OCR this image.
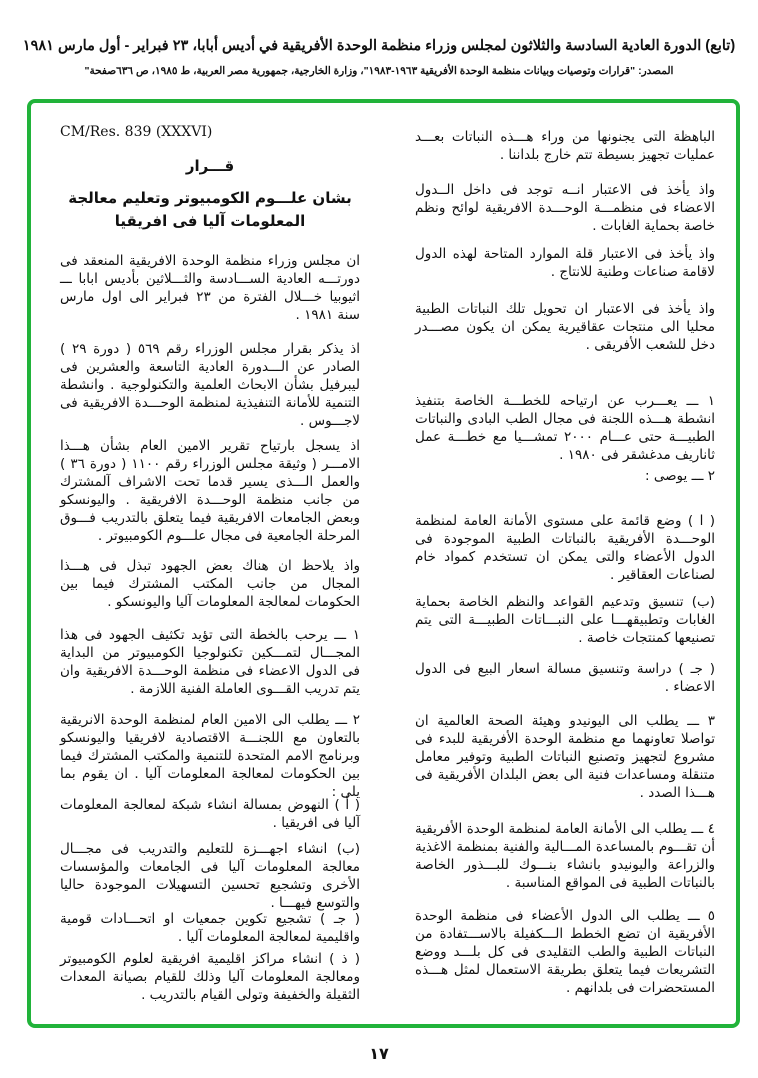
(تابع) الدورة العادية السادسة والثلاثون لمجلس وزراء منظمة الوحدة الأفريقية في أديس أبابا، ٢٣ فبراير - أول مارس ١٩٨١
المصدر: "قرارات وتوصيات وبيانات منظمة الوحدة الأفريقية ١٩٦٣-١٩٨٣"، وزارة الخارجية، جمهورية مصر العربية، ط ١٩٨٥، ص ٦٣٦صفحة"
الباهظة التى يجنونها من وراء هـــذه النباتات بعـــد عمليات تجهيز بسيطة تتم خارج بلداننا .
واذ يأخذ فى الاعتبار انــه توجد فى داخل الــدول الاعضاء فى منظمـــة الوحـــدة الافريقية لوائح ونظم خاصة بحماية الغابات .
واذ يأخذ فى الاعتبار قلة الموارد المتاحة لهذه الدول لاقامة صناعات وطنية للانتاج .
واذ يأخذ فى الاعتبار ان تحويل تلك النباتات الطبية محليا الى منتجات عقاقيرية يمكن ان يكون مصـــدر دخل للشعب الأفريقى .
١ ـــ يعـــرب عن ارتياحه للخطـــة الخاصة بتنفيذ انشطة هـــذه اللجنة فى مجال الطب البادى والنباتات الطبيـــة حتى عـــام ٢٠٠٠ تمشـــيا مع خطـــة عمل ثاناريف مدغشقر فى ١٩٨٠ .
٢ ـــ يوصى :
( ا ) وضع قائمة على مستوى الأمانة العامة لمنظمة الوحـــدة الأفريقية بالنباتات الطبية الموجودة فى الدول الأعضاء والتى يمكن ان تستخدم كمواد خام لصناعات العقاقير .
(ب) تنسيق وتدعيم القواعد والنظم الخاصة بحماية الغابات وتطبيقهـــا على النبـــاتات الطبيـــة التى يتم تصنيعها كمنتجات خاصة .
( جـ ) دراسة وتنسيق مسالة اسعار البيع فى الدول الاعضاء .
٣ ـــ يطلب الى اليونيدو وهيئة الصحة العالمية ان تواصلا تعاونهما مع منظمة الوحدة الأفريقية للبدء فى مشروع لتجهيز وتصنيع النباتات الطبية وتوفير معامل متنقلة ومساعدات فنية الى بعض البلدان الأفريقية فى هـــذا الصدد .
٤ ـــ يطلب الى الأمانة العامة لمنظمة الوحدة الأفريقية أن تقـــوم بالمساعدة المـــالية والفنية بمنظمة الاغذية والزراعة واليونيدو بانشاء بنـــوك للبـــذور الخاصة بالنباتات الطبية فى المواقع المناسبة .
٥ ـــ يطلب الى الدول الأعضاء فى منظمة الوحدة الأفريقية ان تضع الخطط الـــكفيلة بالاســـتفادة من النباتات الطبية والطب التقليدى فى كل بلـــد ووضع التشريعات فيما يتعلق بطريقة الاستعمال لمثل هـــذه المستحضرات فى بلدانهم .
CM/Res. 839 (XXXVI)
قـــرار
بشان علـــوم الكومبيوتر وتعليم معالجة
المعلومات آليا فى افريقيا
ان مجلس وزراء منظمة الوحدة الافريقية المنعقد فى دورتـــه العادية الســـادسة والثـــلاثين بأديس ابابا ـــ اثيوبيا خـــلال الفترة من ٢٣ فبراير الى اول مارس سنة ١٩٨١ .
اذ يذكر بقرار مجلس الوزراء رقم ٥٦٩ ( دورة ٢٩ ) الصادر عن الـــدورة العادية التاسعة والعشرين فى ليبرفيل بشأن الابحاث العلمية والتكنولوجية . وانشطة التنمية للأمانة التنفيذية لمنظمة الوحـــدة الافريقية فى لاجـــوس .
اذ يسجل بارتياح تقرير الامين العام بشأن هـــذا الامـــر ( وثيقة مجلس الوزراء رقم ١١٠٠ ( دورة ٣٦ ) والعمل الـــذى يسير قدما تحت الاشراف آلمشترك من جانب منظمة الوحـــدة الافريقية . واليونسكو وبعض الجامعات الافريقية فيما يتعلق بالتدريب فـــوق المرحلة الجامعية فى مجال علـــوم الكومبيوتر .
واذ يلاحظ ان هناك بعض الجهود تبذل فى هـــذا المجال من جانب المكتب المشترك فيما بين الحكومات لمعالجة المعلومات آليا واليونسكو .
١ ـــ يرحب بالخطة التى تؤيد تكثيف الجهود فى هذا المجـــال لتمـــكين تكنولوجيا الكومبيوتر من البداية فى الدول الاعضاء فى منظمة الوحـــدة الافريقية وان يتم تدريب القـــوى العاملة الفنية اللازمة .
٢ ـــ يطلب الى الامين العام لمنظمة الوحدة الانريقية بالتعاون مع اللجنـــة الاقتصادية لافريقيا واليونسكو وبرنامج الامم المتحدة للتنمية والمكتب المشترك فيما بين الحكومات لمعالجة المعلومات آليا . ان يقوم بما يلى :
( أ ) النهوض بمسالة انشاء شبكة لمعالجة المعلومات آليا فى افريقيا .
(ب) انشاء اجهـــزة للتعليم والتدريب فى مجـــال معالجة المعلومات آليا فى الجامعات والمؤسسات الأخرى وتشجيع تحسين التسهيلات الموجودة حاليا والتوسع فيهـــا .
( جـ ) تشجيع تكوين جمعيات او اتحـــادات قومية واقليمية لمعالجة المعلومات آليا .
( ذ ) انشاء مراكز اقليمية افريقية لعلوم الكومبيوتر ومعالجة المعلومات آليا وذلك للقيام بصيانة المعدات الثقيلة والخفيفة وتولى القيام بالتدريب .
١٧
